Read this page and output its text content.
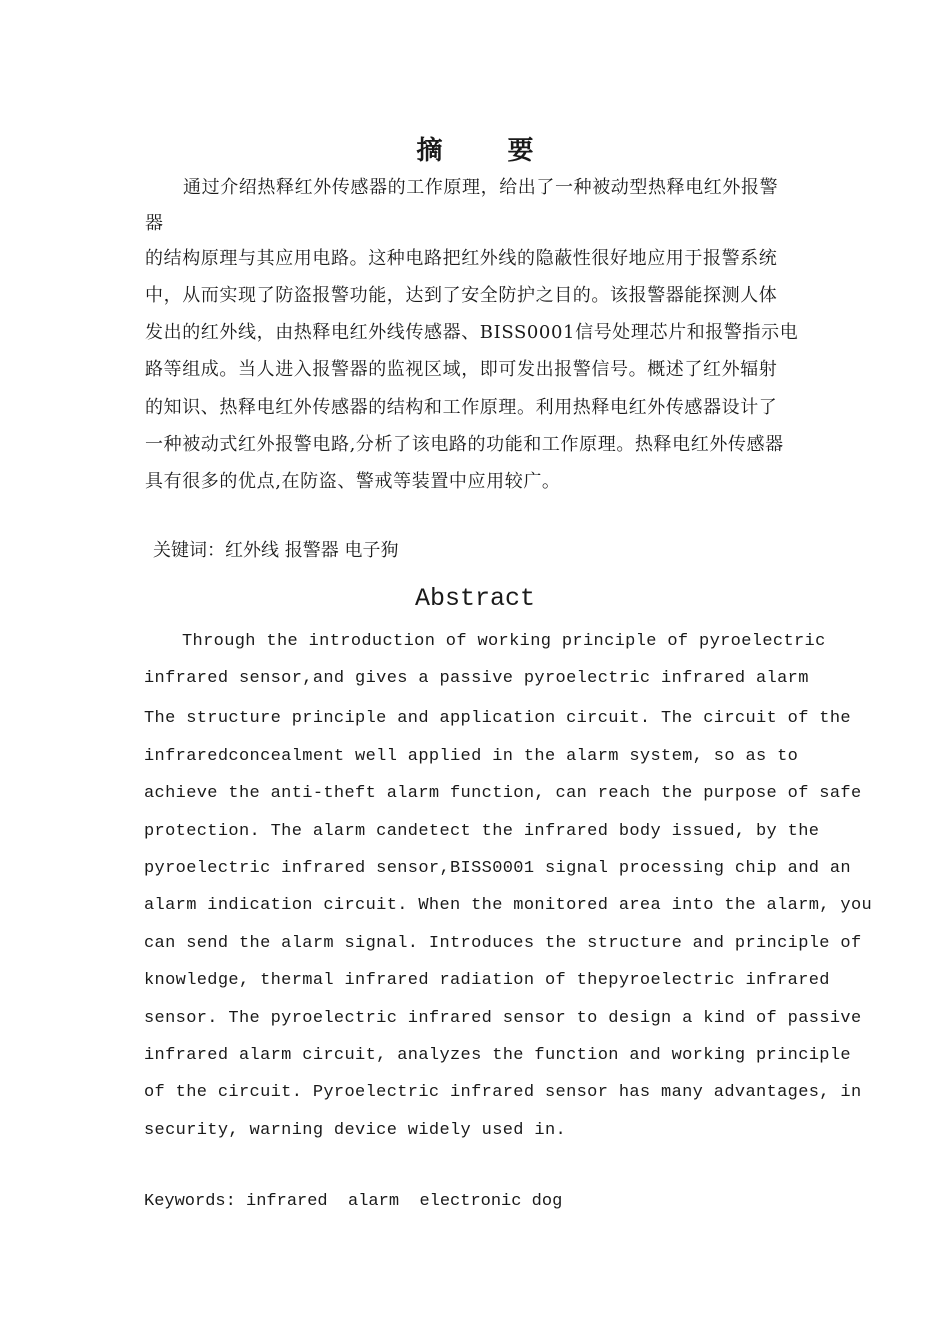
摘 要
通过介绍热释红外传感器的工作原理，给出了一种被动型热释电红外报警
器
的结构原理与其应用电路。这种电路把红外线的隐蔽性很好地应用于报警系统
中，从而实现了防盗报警功能，达到了安全防护之目的。该报警器能探测人体
发出的红外线，由热释电红外线传感器、BISS0001信号处理芯片和报警指示电
路等组成。当人进入报警器的监视区域，即可发出报警信号。概述了红外辐射
的知识、热释电红外传感器的结构和工作原理。利用热释电红外传感器设计了
一种被动式红外报警电路,分析了该电路的功能和工作原理。热释电红外传感器
具有很多的优点,在防盗、警戒等装置中应用较广。
关键词：红外线 报警器 电子狗
Abstract
Through the introduction of working principle of pyroelectric
infrared sensor,and gives a passive pyroelectric infrared alarm
The structure principle and application circuit. The circuit of the
infraredconcealment well applied in the alarm system, so as to
achieve the anti-theft alarm function, can reach the purpose of safe
protection. The alarm candetect the infrared body issued, by the
pyroelectric infrared sensor,BISS0001 signal processing chip and an
alarm indication circuit. When the monitored area into the alarm, you
can send the alarm signal. Introduces the structure and principle of
knowledge, thermal infrared radiation of thepyroelectric infrared
sensor. The pyroelectric infrared sensor to design a kind of passive
infrared alarm circuit, analyzes the function and working principle
of the circuit. Pyroelectric infrared sensor has many advantages, in
security, warning device widely used in.
Keywords: infrared  alarm  electronic dog
